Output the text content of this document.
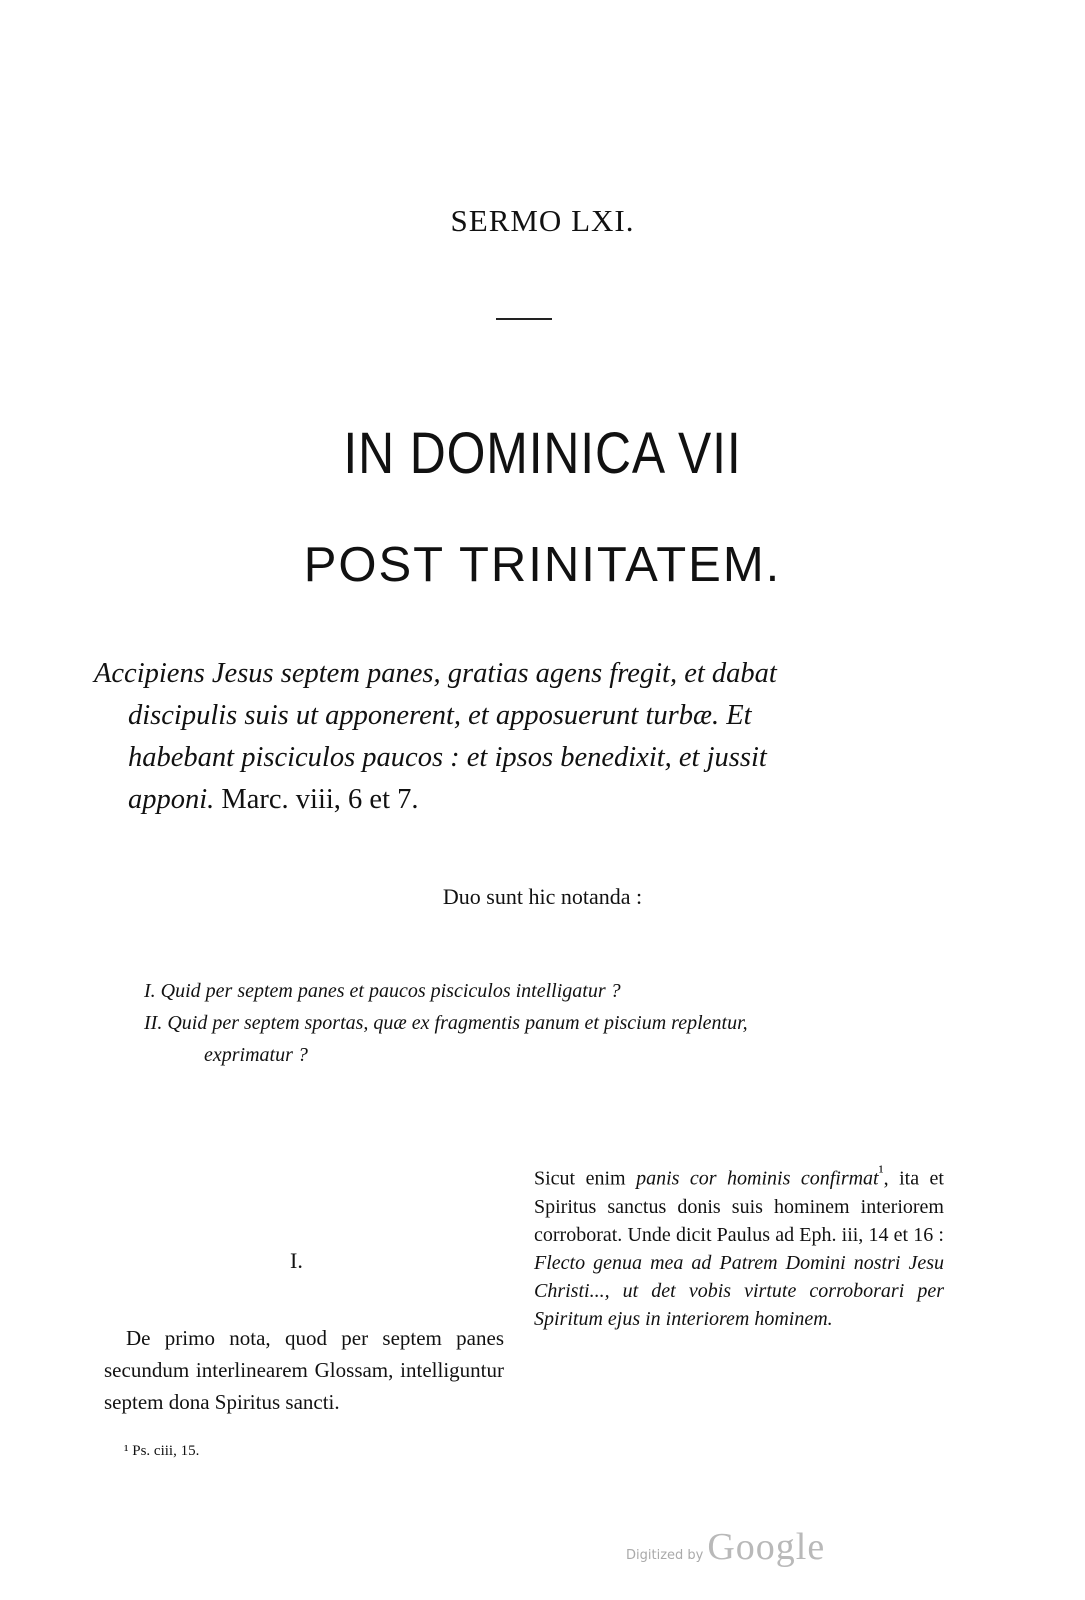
SERMO LXI.
IN DOMINICA VII
POST TRINITATEM.
Accipiens Jesus septem panes, gratias agens fregit, et dabat
discipulis suis ut apponerent, et apposuerunt turbæ. Et
habebant pisciculos paucos : et ipsos benedixit, et jussit
apponi. Marc. viii, 6 et 7.
Duo sunt hic notanda :
I. Quid per septem panes et paucos pisciculos intelligatur ?
II. Quid per septem sportas, quæ ex fragmentis panum et piscium replentur,
exprimatur ?
I.
De primo nota, quod per septem panes secundum interlinearem Glossam, intelliguntur septem dona Spiritus sancti.
Sicut enim panis cor hominis confirmat$^{^1}$, ita et Spiritus sanctus donis suis hominem interiorem corroborat. Unde dicit Paulus ad Eph. iii, 14 et 16 : Flecto genua mea ad Patrem Domini nostri Jesu Christi..., ut det vobis virtute corroborari per Spiritum ejus in interiorem hominem.
¹ Ps. ciii, 15.
Digitized by Google
